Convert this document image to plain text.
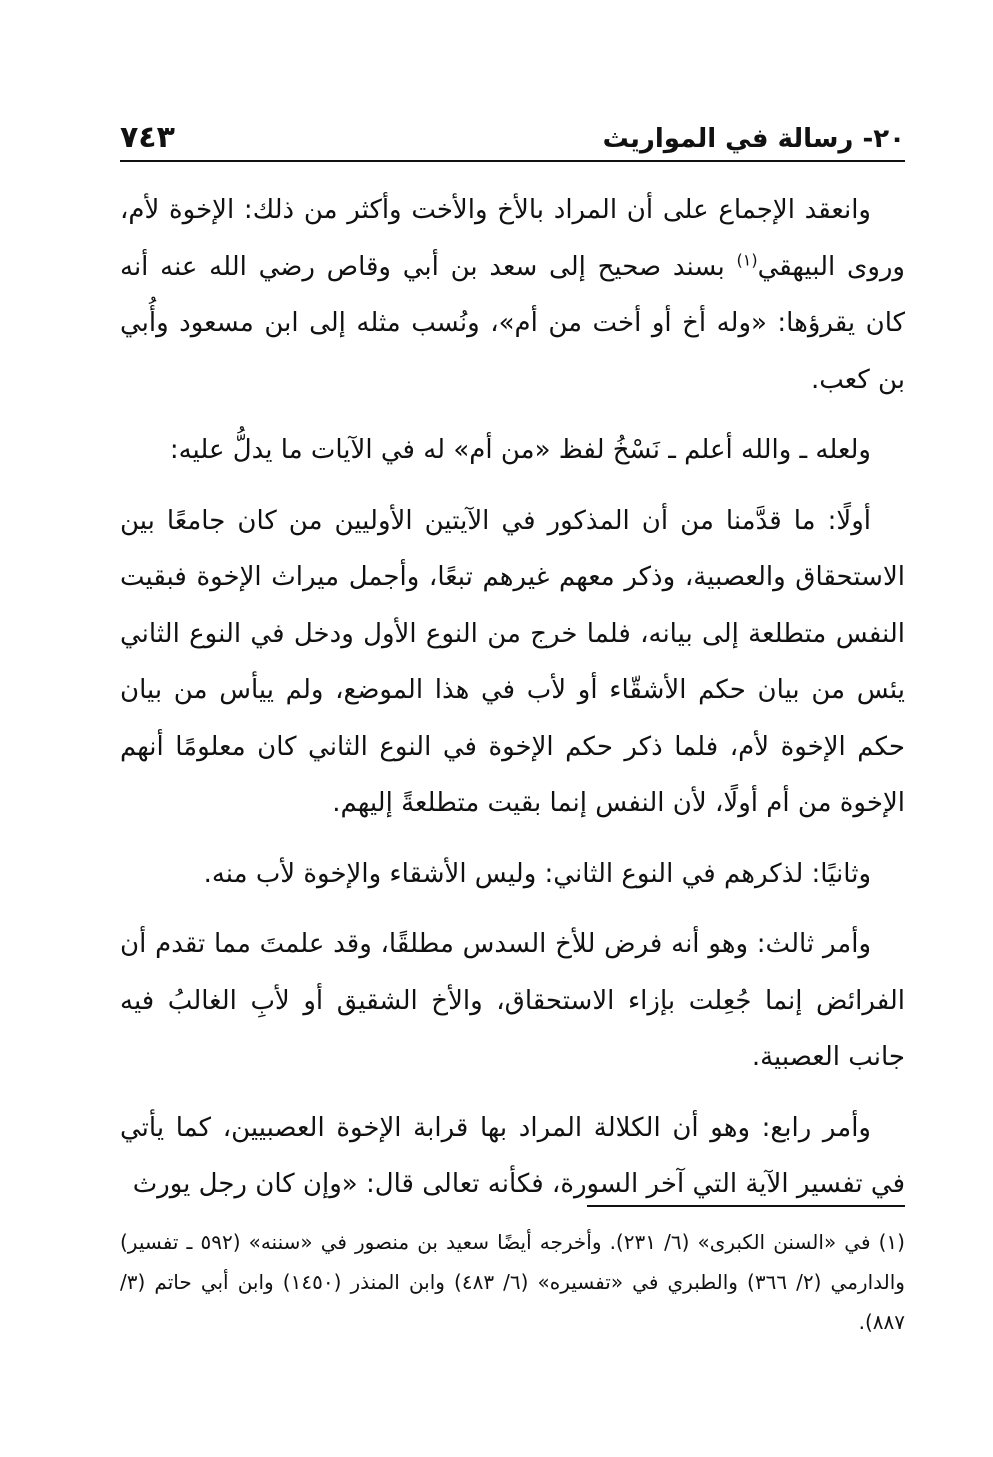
٢٠- رسالة في المواريث
٧٤٣

وانعقد الإجماع على أن المراد بالأخ والأخت وأكثر من ذلك: الإخوة لأم، وروى البيهقي$^{(١)}$ بسند صحيح إلى سعد بن أبي وقاص رضي الله عنه أنه كان يقرؤها: «وله أخ أو أخت من أم»، ونُسب مثله إلى ابن مسعود وأُبي بن كعب.

ولعله ـ والله أعلم ـ نَسْخُ لفظ «من أم» له في الآيات ما يدلُّ عليه:

أولًا: ما قدَّمنا من أن المذكور في الآيتين الأوليين من كان جامعًا بين الاستحقاق والعصبية، وذكر معهم غيرهم تبعًا، وأجمل ميراث الإخوة فبقيت النفس متطلعة إلى بيانه، فلما خرج من النوع الأول ودخل في النوع الثاني يئس من بيان حكم الأشقّاء أو لأب في هذا الموضع، ولم ييأس من بيان حكم الإخوة لأم، فلما ذكر حكم الإخوة في النوع الثاني كان معلومًا أنهم الإخوة من أم أولًا، لأن النفس إنما بقيت متطلعةً إليهم.

وثانيًا: لذكرهم في النوع الثاني: وليس الأشقاء والإخوة لأب منه.

وأمر ثالث: وهو أنه فرض للأخ السدس مطلقًا، وقد علمتَ مما تقدم أن الفرائض إنما جُعِلت بإزاء الاستحقاق، والأخ الشقيق أو لأبِ الغالبُ فيه جانب العصبية.

وأمر رابع: وهو أن الكلالة المراد بها قرابة الإخوة العصبيين، كما يأتي في تفسير الآية التي آخر السورة، فكأنه تعالى قال: «وإن كان رجل يورث

(١) في «السنن الكبرى» (٦/ ٢٣١). وأخرجه أيضًا سعيد بن منصور في «سننه» (٥٩٢ ـ تفسير) والدارمي (٢/ ٣٦٦) والطبري في «تفسيره» (٦/ ٤٨٣) وابن المنذر (١٤٥٠) وابن أبي حاتم (٣/ ٨٨٧).
